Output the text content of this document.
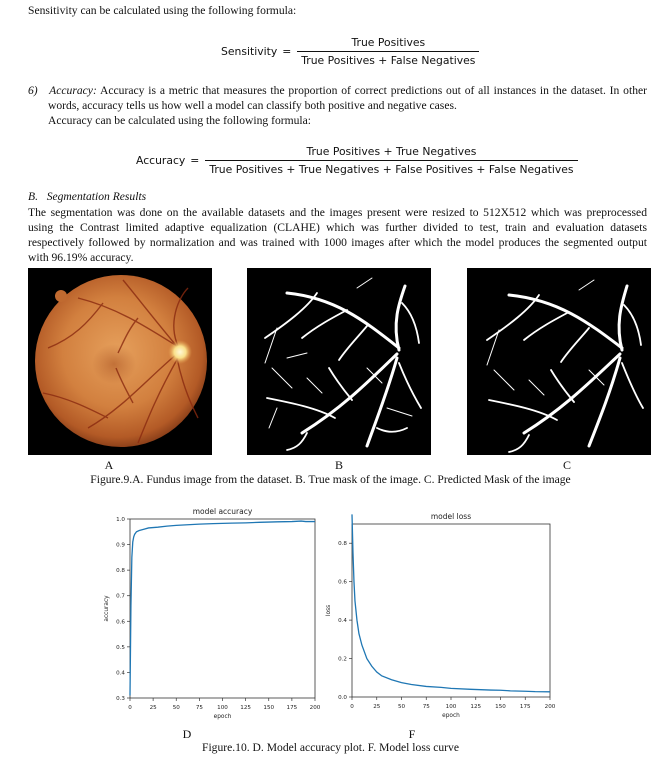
Sensitivity can be calculated using the following formula:
Sensitivity = $\frac{\text{True Positives}}{\text{True Positives + False Negatives}}$
6) Accuracy: Accuracy is a metric that measures the proportion of correct predictions out of all instances in the dataset. In other
words, accuracy tells us how well a model can classify both positive and negative cases.
Accuracy can be calculated using the following formula:
Accuracy =
True Positives + True Negatives
True Positives + True Negatives + False Positives + False Negatives
B. Segmentation Results
The segmentation was done on the available datasets and the images present were resized to 512X512 which was preprocessed
using the Contrast limited adaptive equalization (CLAHE) which was further divided to test, train and evaluation datasets
respectively followed by normalization and was trained with 1000 images after which the model produces the segmented output
with 96.19% accuracy.
A	B	C
Figure.9.A. Fundus image from the dataset. B. True mask of the image. C. Predicted Mask of the image
model accuracy
0	25	50	75	100 125 150 175 200
0.3
0.4
0.5
0.6
0.7
0.8
0.9
1.0
epoch
accuracy
model loss
0	25	50	75	100	125	150	175	200
0.0
0.2
0.4
0.6
0.8
epoch
loss
D	F
Figure.10. D. Model accuracy plot. F. Model loss curve
